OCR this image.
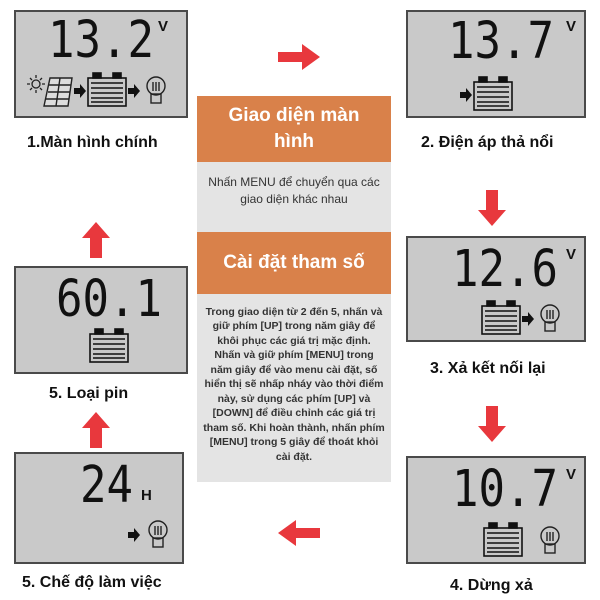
13.2 V
1.Màn hình chính
13.7 V
2. Điện áp thả nổi
12.6 V
3. Xả kết nối lại
10.7 V
4. Dừng xả
24 H
5. Chế độ làm việc
60.1
5. Loại pin
Giao diện màn hình
Nhấn MENU để chuyển qua các giao diện khác nhau
Cài đặt tham số
Trong giao diện từ 2 đến 5, nhấn và giữ phím [UP] trong năm giây để khôi phục các giá trị mặc định. Nhấn và giữ phím [MENU] trong năm giây để vào menu cài đặt, số hiển thị sẽ nhấp nháy vào thời điểm này, sử dụng các phím [UP] và [DOWN] để điều chỉnh các giá trị tham số. Khi hoàn thành, nhấn phím [MENU] trong 5 giây để thoát khỏi cài đặt.
